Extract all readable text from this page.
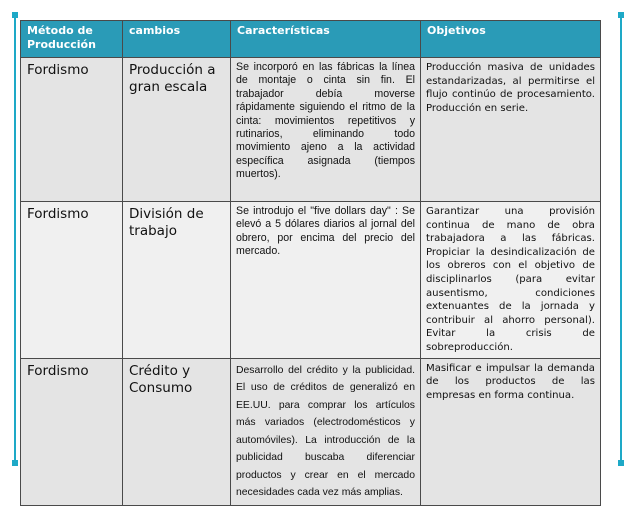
Método de Producción	cambios	Características	Objetivos
Fordismo	Producción a gran escala	Se incorporó en las fábricas la línea de montaje o cinta sin fin. El trabajador debía moverse rápidamente siguiendo el ritmo de la cinta: movimientos repetitivos y rutinarios, eliminando todo movimiento ajeno a la actividad específica asignada (tiempos muertos).	Producción masiva de unidades estandarizadas, al permitirse el flujo continúo de procesamiento. Producción en serie.
Fordismo	División de trabajo	Se introdujo el "five dollars day" : Se elevó a 5 dólares diarios al jornal del obrero, por encima del precio del mercado.	Garantizar una provisión continua de mano de obra trabajadora a las fábricas. Propiciar la desindicalización de los obreros con el objetivo de disciplinarlos (para evitar ausentismo, condiciones extenuantes de la jornada y contribuir al ahorro personal). Evitar la crisis de sobreproducción.
Fordismo	Crédito y Consumo	Desarrollo del crédito y la publicidad. El uso de créditos de generalizó en EE.UU. para comprar los artículos más variados (electrodomésticos y automóviles). La introducción de la publicidad buscaba diferenciar productos y crear en el mercado necesidades cada vez más amplias.	Masificar e impulsar la demanda de los productos de las empresas en forma continua.
